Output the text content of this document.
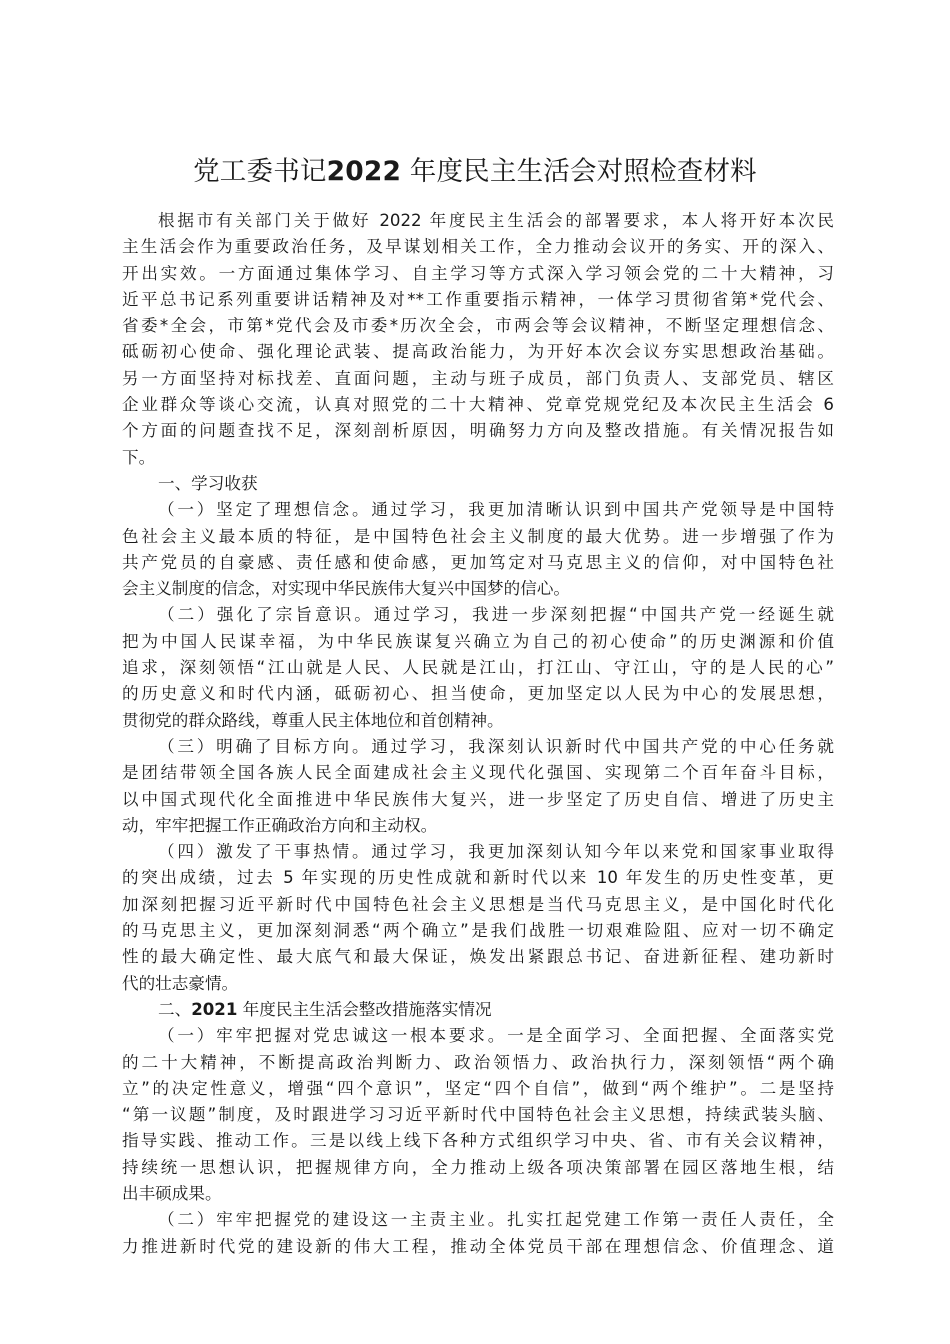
党工委书记2022 年度民主生活会对照检查材料
根据市有关部门关于做好 2022 年度民主生活会的部署要求，本人将开好本次民
主生活会作为重要政治任务，及早谋划相关工作，全力推动会议开的务实、开的深入、
开出实效。一方面通过集体学习、自主学习等方式深入学习领会党的二十大精神，习
近平总书记系列重要讲话精神及对**工作重要指示精神，一体学习贯彻省第*党代会、
省委*全会，市第*党代会及市委*历次全会，市两会等会议精神，不断坚定理想信念、
砥砺初心使命、强化理论武装、提高政治能力，为开好本次会议夯实思想政治基础。
另一方面坚持对标找差、直面问题，主动与班子成员，部门负责人、支部党员、辖区
企业群众等谈心交流，认真对照党的二十大精神、党章党规党纪及本次民主生活会 6
个方面的问题查找不足，深刻剖析原因，明确努力方向及整改措施。有关情况报告如
下。
一、学习收获
（一）坚定了理想信念。通过学习，我更加清晰认识到中国共产党领导是中国特
色社会主义最本质的特征，是中国特色社会主义制度的最大优势。进一步增强了作为
共产党员的自豪感、责任感和使命感，更加笃定对马克思主义的信仰，对中国特色社
会主义制度的信念，对实现中华民族伟大复兴中国梦的信心。
（二）强化了宗旨意识。通过学习，我进一步深刻把握“中国共产党一经诞生就
把为中国人民谋幸福，为中华民族谋复兴确立为自己的初心使命”的历史渊源和价值
追求，深刻领悟“江山就是人民、人民就是江山，打江山、守江山，守的是人民的心”
的历史意义和时代内涵，砥砺初心、担当使命，更加坚定以人民为中心的发展思想，
贯彻党的群众路线，尊重人民主体地位和首创精神。
（三）明确了目标方向。通过学习，我深刻认识新时代中国共产党的中心任务就
是团结带领全国各族人民全面建成社会主义现代化强国、实现第二个百年奋斗目标，
以中国式现代化全面推进中华民族伟大复兴，进一步坚定了历史自信、增进了历史主
动，牢牢把握工作正确政治方向和主动权。
（四）激发了干事热情。通过学习，我更加深刻认知今年以来党和国家事业取得
的突出成绩，过去 5 年实现的历史性成就和新时代以来 10 年发生的历史性变革，更
加深刻把握习近平新时代中国特色社会主义思想是当代马克思主义，是中国化时代化
的马克思主义，更加深刻洞悉“两个确立”是我们战胜一切艰难险阻、应对一切不确定
性的最大确定性、最大底气和最大保证，焕发出紧跟总书记、奋进新征程、建功新时
代的壮志豪情。
二、2021 年度民主生活会整改措施落实情况
（一）牢牢把握对党忠诚这一根本要求。一是全面学习、全面把握、全面落实党
的二十大精神，不断提高政治判断力、政治领悟力、政治执行力，深刻领悟“两个确
立”的决定性意义，增强“四个意识”，坚定“四个自信”，做到“两个维护”。二是坚持
“第一议题”制度，及时跟进学习习近平新时代中国特色社会主义思想，持续武装头脑、
指导实践、推动工作。三是以线上线下各种方式组织学习中央、省、市有关会议精神，
持续统一思想认识，把握规律方向，全力推动上级各项决策部署在园区落地生根，结
出丰硕成果。
（二）牢牢把握党的建设这一主责主业。扎实扛起党建工作第一责任人责任，全
力推进新时代党的建设新的伟大工程，推动全体党员干部在理想信念、价值理念、道
